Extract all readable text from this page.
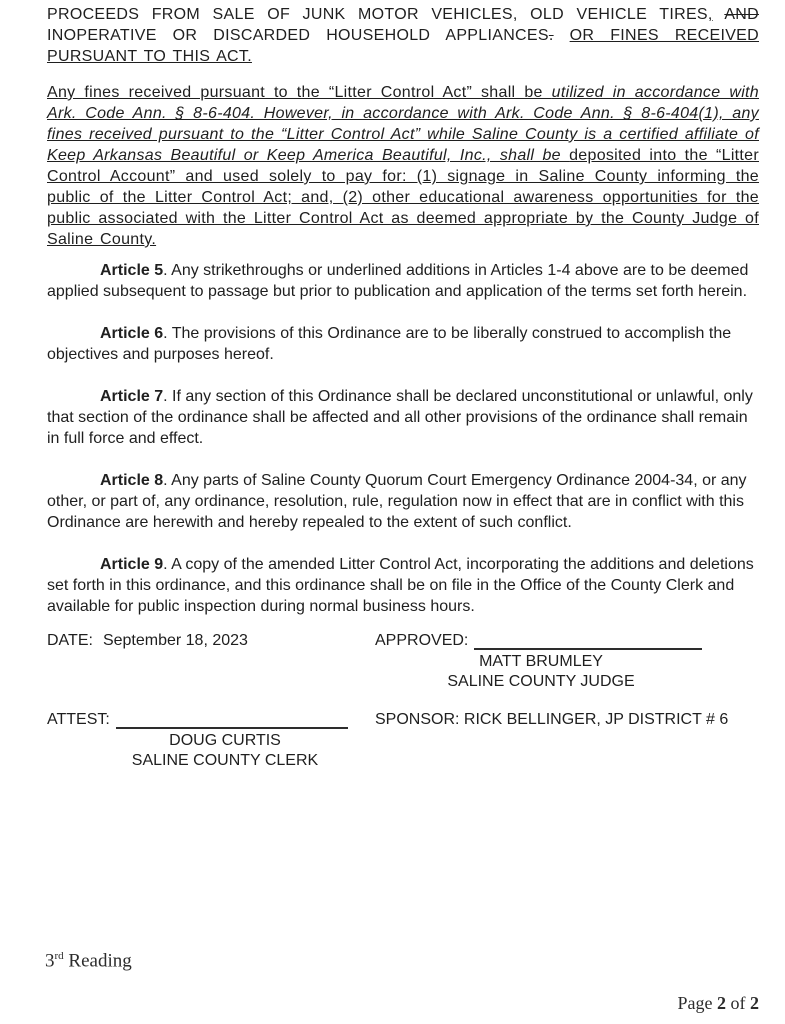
PROCEEDS FROM SALE OF JUNK MOTOR VEHICLES, OLD VEHICLE TIRES, AND INOPERATIVE OR DISCARDED HOUSEHOLD APPLIANCES. OR FINES RECEIVED PURSUANT TO THIS ACT.

Any fines received pursuant to the “Litter Control Act” shall be utilized in accordance with Ark. Code Ann. § 8-6-404. However, in accordance with Ark. Code Ann. § 8-6-404(1), any fines received pursuant to the “Litter Control Act” while Saline County is a certified affiliate of Keep Arkansas Beautiful or Keep America Beautiful, Inc., shall be deposited into the “Litter Control Account” and used solely to pay for: (1) signage in Saline County informing the public of the Litter Control Act; and, (2) other educational awareness opportunities for the public associated with the Litter Control Act as deemed appropriate by the County Judge of Saline County.

Article 5. Any strikethroughs or underlined additions in Articles 1-4 above are to be deemed applied subsequent to passage but prior to publication and application of the terms set forth herein.

Article 6. The provisions of this Ordinance are to be liberally construed to accomplish the objectives and purposes hereof.

Article 7. If any section of this Ordinance shall be declared unconstitutional or unlawful, only that section of the ordinance shall be affected and all other provisions of the ordinance shall remain in full force and effect.

Article 8. Any parts of Saline County Quorum Court Emergency Ordinance 2004-34, or any other, or part of, any ordinance, resolution, rule, regulation now in effect that are in conflict with this Ordinance are herewith and hereby repealed to the extent of such conflict.

Article 9. A copy of the amended Litter Control Act, incorporating the additions and deletions set forth in this ordinance, and this ordinance shall be on file in the Office of the County Clerk and available for public inspection during normal business hours.

DATE: September 18, 2023	APPROVED:
MATT BRUMLEY
SALINE COUNTY JUDGE
ATTEST:	SPONSOR: RICK BELLINGER, JP DISTRICT # 6
DOUG CURTIS
SALINE COUNTY CLERK
3rd Reading
Page 2 of 2
